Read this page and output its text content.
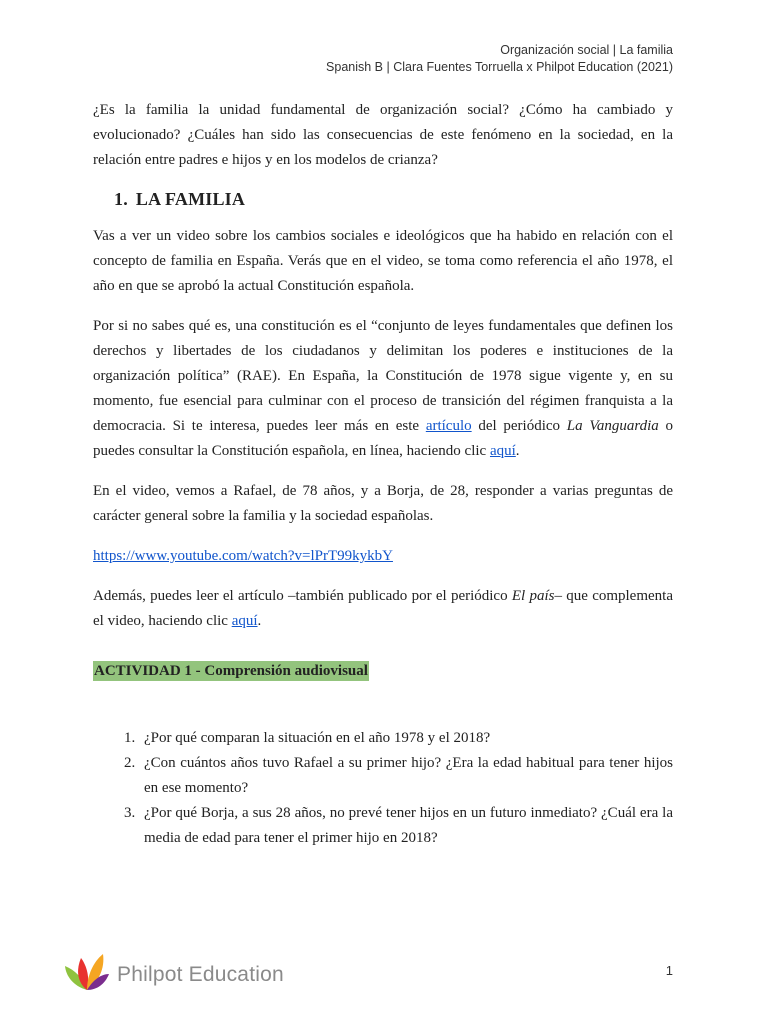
Organización social | La familia
Spanish B | Clara Fuentes Torruella x Philpot Education (2021)

¿Es la familia la unidad fundamental de organización social? ¿Cómo ha cambiado y evolucionado? ¿Cuáles han sido las consecuencias de este fenómeno en la sociedad, en la relación entre padres e hijos y en los modelos de crianza?

1. LA FAMILIA

Vas a ver un video sobre los cambios sociales e ideológicos que ha habido en relación con el concepto de familia en España. Verás que en el video, se toma como referencia el año 1978, el año en que se aprobó la actual Constitución española.

Por si no sabes qué es, una constitución es el “conjunto de leyes fundamentales que definen los derechos y libertades de los ciudadanos y delimitan los poderes e instituciones de la organización política” (RAE). En España, la Constitución de 1978 sigue vigente y, en su momento, fue esencial para culminar con el proceso de transición del régimen franquista a la democracia. Si te interesa, puedes leer más en este artículo del periódico La Vanguardia o puedes consultar la Constitución española, en línea, haciendo clic aquí.

En el video, vemos a Rafael, de 78 años, y a Borja, de 28, responder a varias preguntas de carácter general sobre la familia y la sociedad españolas.

https://www.youtube.com/watch?v=lPrT99kykbY

Además, puedes leer el artículo –también publicado por el periódico El país– que complementa el video, haciendo clic aquí.

ACTIVIDAD 1 - Comprensión audiovisual
1. ¿Por qué comparan la situación en el año 1978 y el 2018?
2. ¿Con cuántos años tuvo Rafael a su primer hijo? ¿Era la edad habitual para tener hijos en ese momento?
3. ¿Por qué Borja, a sus 28 años, no prevé tener hijos en un futuro inmediato? ¿Cuál era la media de edad para tener el primer hijo en 2018?
Philpot Education	1
